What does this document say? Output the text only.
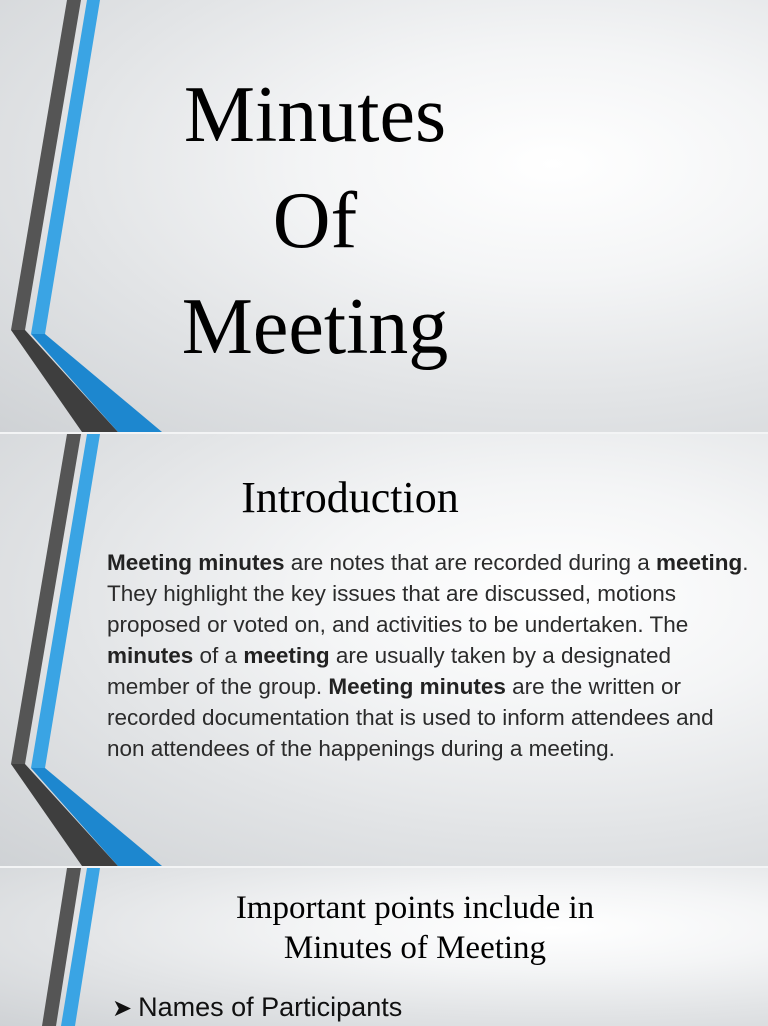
Minutes
Of
Meeting
Introduction

Meeting minutes are notes that are recorded during a meeting. They highlight the key issues that are discussed, motions proposed or voted on, and activities to be undertaken. The minutes of a meeting are usually taken by a designated member of the group. Meeting minutes are the written or recorded documentation that is used to inform attendees and non attendees of the happenings during a meeting.

Important points include in
Minutes of Meeting

➤ Names of Participants
